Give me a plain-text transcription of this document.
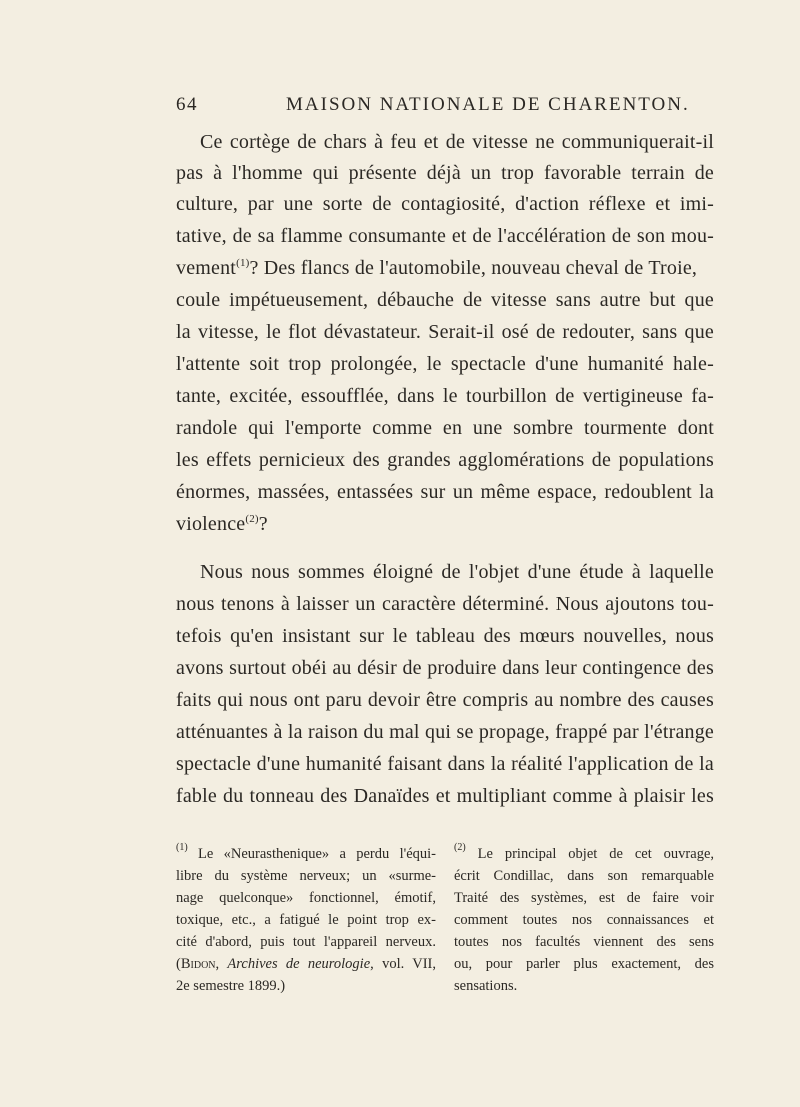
64	MAISON NATIONALE DE CHARENTON.
Ce cortège de chars à feu et de vitesse ne communiquerait-il
pas à l'homme qui présente déjà un trop favorable terrain de
culture, par une sorte de contagiosité, d'action réflexe et imi-
tative, de sa flamme consumante et de l'accélération de son mou-
vement$^{(1)}$? Des flancs de l'automobile, nouveau cheval de Troie,
coule impétueusement, débauche de vitesse sans autre but que
la vitesse, le flot dévastateur. Serait-il osé de redouter, sans que
l'attente soit trop prolongée, le spectacle d'une humanité hale-
tante, excitée, essoufflée, dans le tourbillon de vertigineuse fa-
randole qui l'emporte comme en une sombre tourmente dont
les effets pernicieux des grandes agglomérations de populations
énormes, massées, entassées sur un même espace, redoublent la
violence$^{(2)}$?
Nous nous sommes éloigné de l'objet d'une étude à laquelle
nous tenons à laisser un caractère déterminé. Nous ajoutons tou-
tefois qu'en insistant sur le tableau des mœurs nouvelles, nous
avons surtout obéi au désir de produire dans leur contingence des
faits qui nous ont paru devoir être compris au nombre des causes
atténuantes à la raison du mal qui se propage, frappé par l'étrange
spectacle d'une humanité faisant dans la réalité l'application de la
fable du tonneau des Danaïdes et multipliant comme à plaisir les
$^{(1)}$ Le «Neurasthenique» a perdu l'équi-
libre du système nerveux; un «surme-
nage quelconque» fonctionnel, émotif,
toxique, etc., a fatigué le point trop ex-
cité d'abord, puis tout l'appareil nerveux.
(Bidon, Archives de neurologie, vol. VII,
2e semestre 1899.)
$^{(2)}$ Le principal objet de cet ouvrage,
écrit Condillac, dans son remarquable
Traité des systèmes, est de faire voir
comment toutes nos connaissances et
toutes nos facultés viennent des sens
ou, pour parler plus exactement, des
sensations.
